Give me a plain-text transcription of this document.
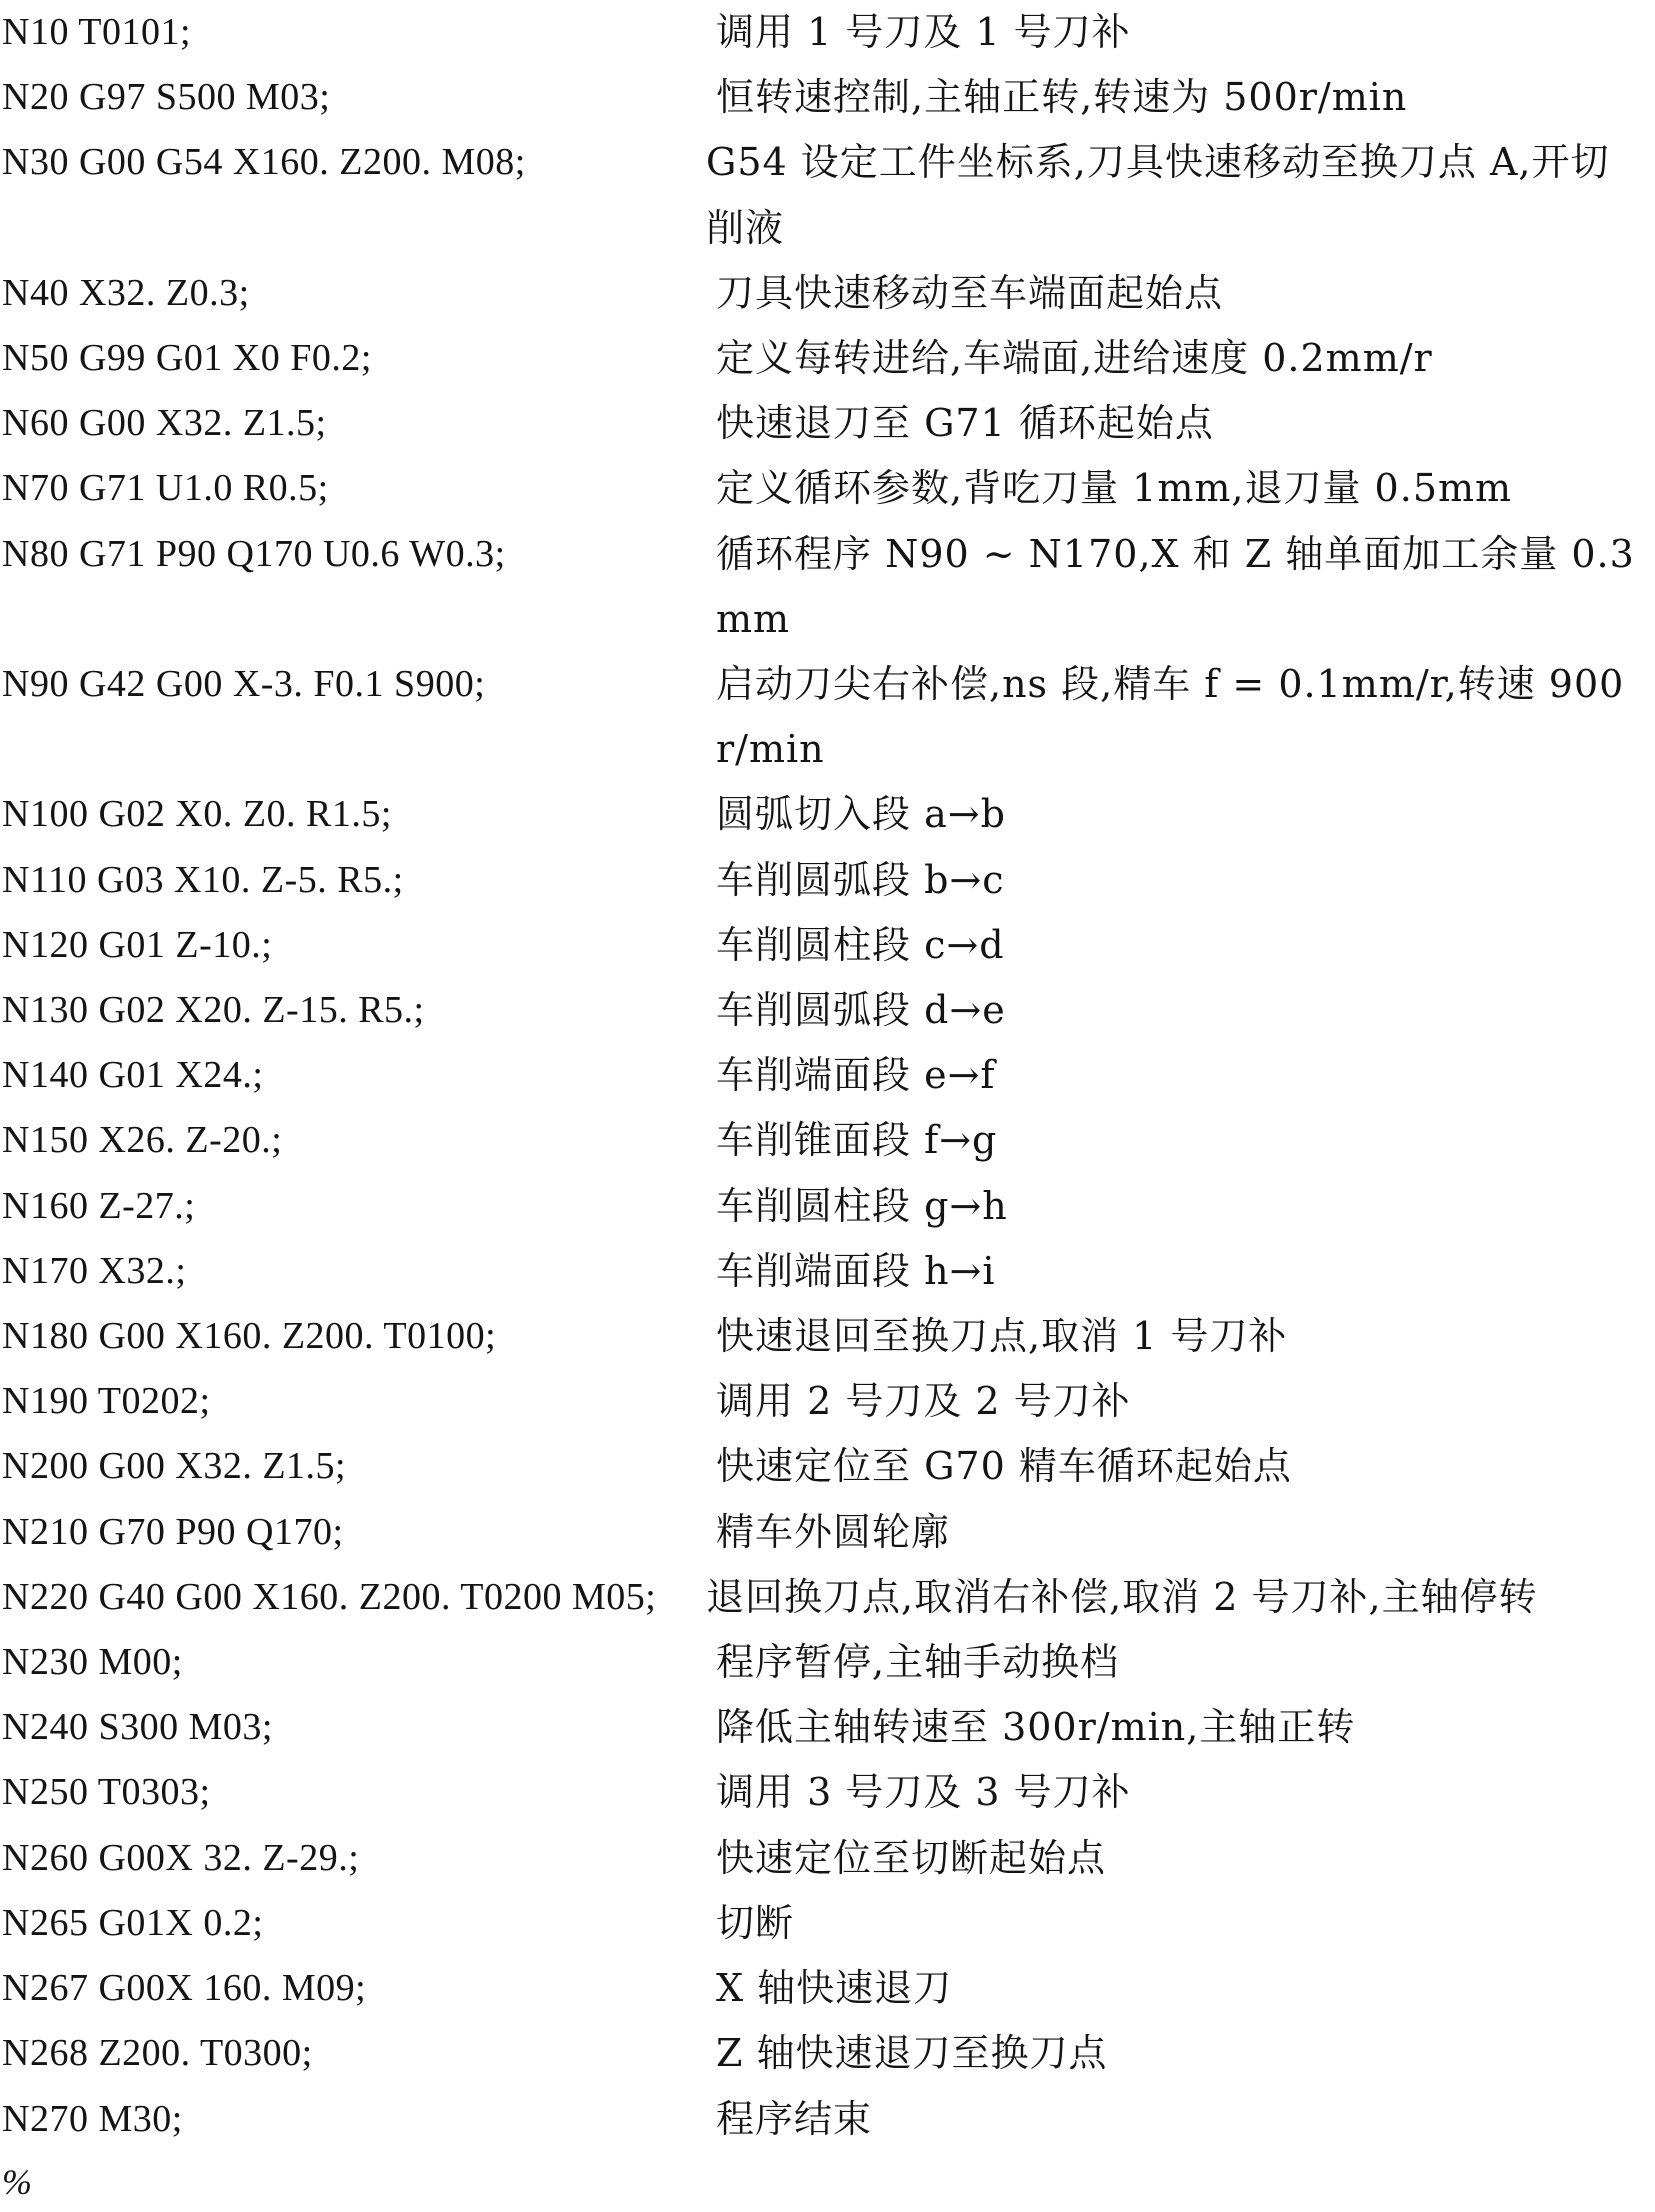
N10 T0101;	调用 1 号刀及 1 号刀补
N20 G97 S500 M03;	恒转速控制,主轴正转,转速为 500r/min
N30 G00 G54 X160. Z200. M08;	G54 设定工件坐标系,刀具快速移动至换刀点 A,开切削液
N40 X32. Z0.3;	刀具快速移动至车端面起始点
N50 G99 G01 X0 F0.2;	定义每转进给,车端面,进给速度 0.2mm/r
N60 G00 X32. Z1.5;	快速退刀至 G71 循环起始点
N70 G71 U1.0 R0.5;	定义循环参数,背吃刀量 1mm,退刀量 0.5mm
N80 G71 P90 Q170 U0.6 W0.3;	循环程序 N90 ~ N170,X 和 Z 轴单面加工余量 0.3mm
N90 G42 G00 X-3. F0.1 S900;	启动刀尖右补偿,ns 段,精车 f = 0.1mm/r,转速 900r/min
N100 G02 X0. Z0. R1.5;	圆弧切入段 a→b
N110 G03 X10. Z-5. R5.;	车削圆弧段 b→c
N120 G01 Z-10.;	车削圆柱段 c→d
N130 G02 X20. Z-15. R5.;	车削圆弧段 d→e
N140 G01 X24.;	车削端面段 e→f
N150 X26. Z-20.;	车削锥面段 f→g
N160 Z-27.;	车削圆柱段 g→h
N170 X32.;	车削端面段 h→i
N180 G00 X160. Z200. T0100;	快速退回至换刀点,取消 1 号刀补
N190 T0202;	调用 2 号刀及 2 号刀补
N200 G00 X32. Z1.5;	快速定位至 G70 精车循环起始点
N210 G70 P90 Q170;	精车外圆轮廓
N220 G40 G00 X160. Z200. T0200 M05;	退回换刀点,取消右补偿,取消 2 号刀补,主轴停转
N230 M00;	程序暂停,主轴手动换档
N240 S300 M03;	降低主轴转速至 300r/min,主轴正转
N250 T0303;	调用 3 号刀及 3 号刀补
N260 G00X 32. Z-29.;	快速定位至切断起始点
N265 G01X 0.2;	切断
N267 G00X 160. M09;	X 轴快速退刀
N268 Z200. T0300;	Z 轴快速退刀至换刀点
N270 M30;	程序结束
%
